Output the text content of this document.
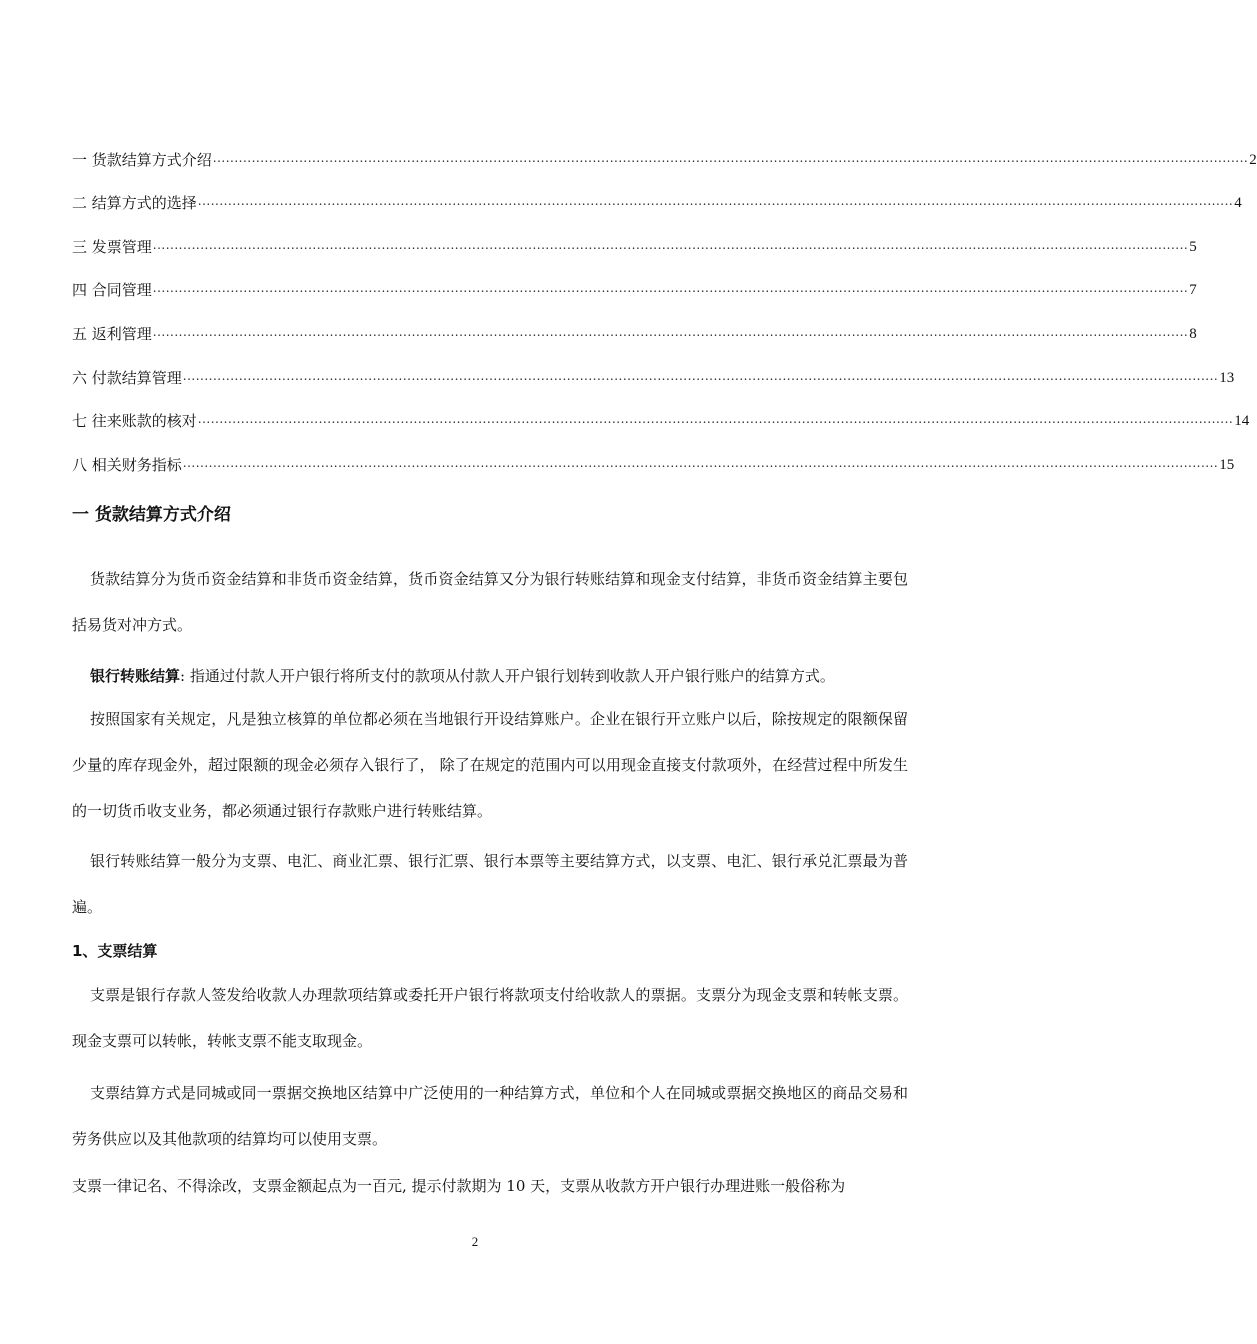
一 货款结算方式介绍 ................................................................................................................................................................................................................................................ 2
二 结算方式的选择 ................................................................................................................................................................................................................................................ 4
三 发票管理 ................................................................................................................................................................................................................................................ 5
四 合同管理 ................................................................................................................................................................................................................................................ 7
五 返利管理 ................................................................................................................................................................................................................................................ 8
六 付款结算管理 ................................................................................................................................................................................................................................................ 13
七 往来账款的核对 ................................................................................................................................................................................................................................................ 14
八 相关财务指标 ................................................................................................................................................................................................................................................ 15
一 货款结算方式介绍

货款结算分为货币资金结算和非货币资金结算，货币资金结算又分为银行转账结算和现金支付结算，非货币资金结算主要包括易货对冲方式。

银行转账结算: 指通过付款人开户银行将所支付的款项从付款人开户银行划转到收款人开户银行账户的结算方式。

按照国家有关规定，凡是独立核算的单位都必须在当地银行开设结算账户。企业在银行开立账户以后，除按规定的限额保留少量的库存现金外，超过限额的现金必须存入银行了， 除了在规定的范围内可以用现金直接支付款项外，在经营过程中所发生的一切货币收支业务，都必须通过银行存款账户进行转账结算。

银行转账结算一般分为支票、电汇、商业汇票、银行汇票、银行本票等主要结算方式，以支票、电汇、银行承兑汇票最为普遍。

1、支票结算

支票是银行存款人签发给收款人办理款项结算或委托开户银行将款项支付给收款人的票据。支票分为现金支票和转帐支票。现金支票可以转帐，转帐支票不能支取现金。

支票结算方式是同城或同一票据交换地区结算中广泛使用的一种结算方式，单位和个人在同城或票据交换地区的商品交易和劳务供应以及其他款项的结算均可以使用支票。

支票一律记名、不得涂改，支票金额起点为一百元, 提示付款期为 10 天，支票从收款方开户银行办理进账一般俗称为

2
